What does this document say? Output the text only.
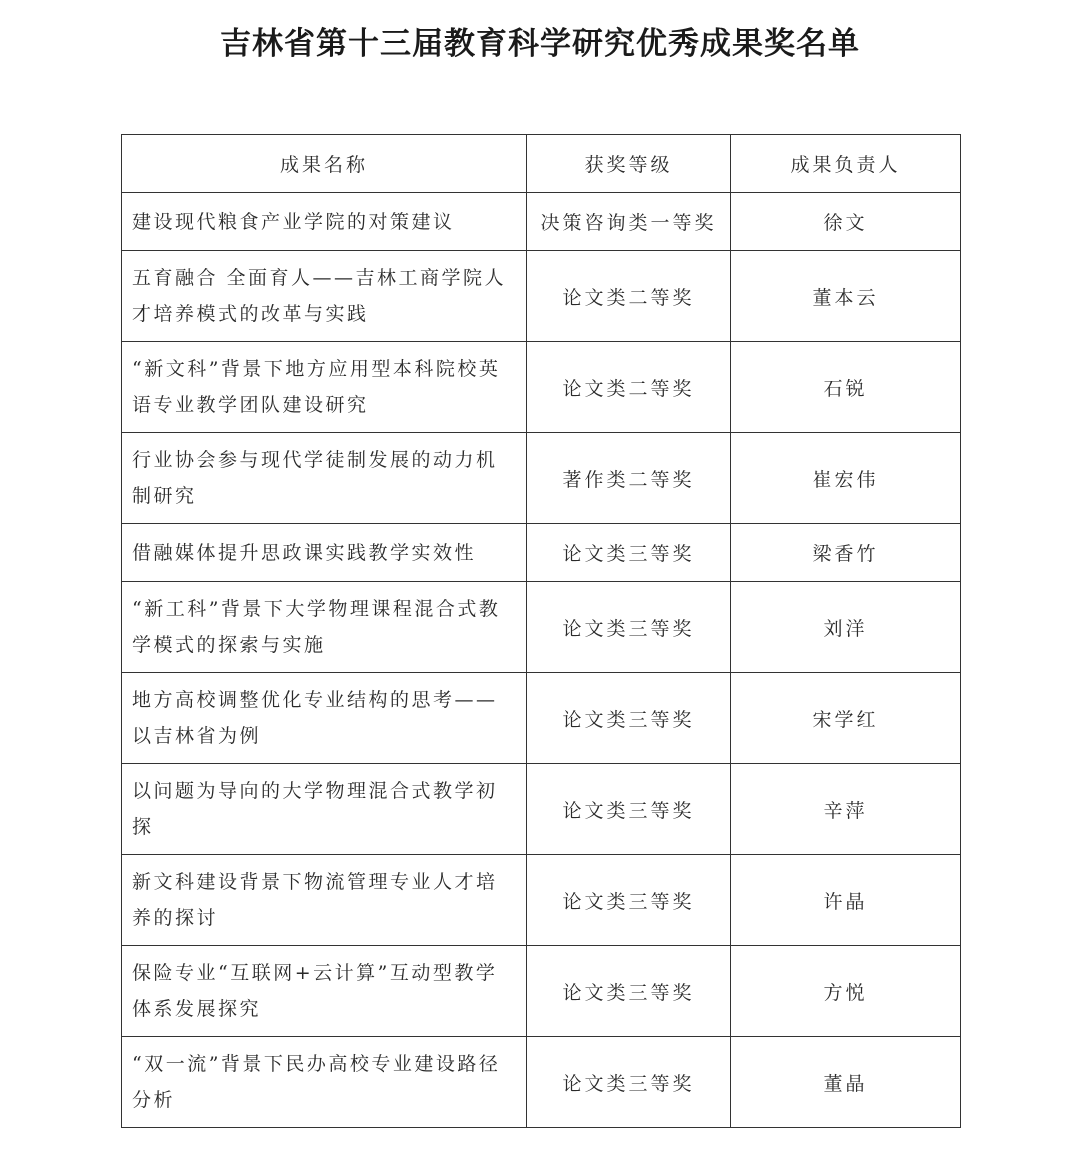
吉林省第十三届教育科学研究优秀成果奖名单
成果名称	获奖等级	成果负责人
建设现代粮食产业学院的对策建议	决策咨询类一等奖	徐文
五育融合 全面育人——吉林工商学院人才培养模式的改革与实践	论文类二等奖	董本云
“新文科”背景下地方应用型本科院校英语专业教学团队建设研究	论文类二等奖	石锐
行业协会参与现代学徒制发展的动力机制研究	著作类二等奖	崔宏伟
借融媒体提升思政课实践教学实效性	论文类三等奖	梁香竹
“新工科”背景下大学物理课程混合式教学模式的探索与实施	论文类三等奖	刘洋
地方高校调整优化专业结构的思考——以吉林省为例	论文类三等奖	宋学红
以问题为导向的大学物理混合式教学初探	论文类三等奖	辛萍
新文科建设背景下物流管理专业人才培养的探讨	论文类三等奖	许晶
保险专业“互联网+云计算”互动型教学体系发展探究	论文类三等奖	方悦
“双一流”背景下民办高校专业建设路径分析	论文类三等奖	董晶
